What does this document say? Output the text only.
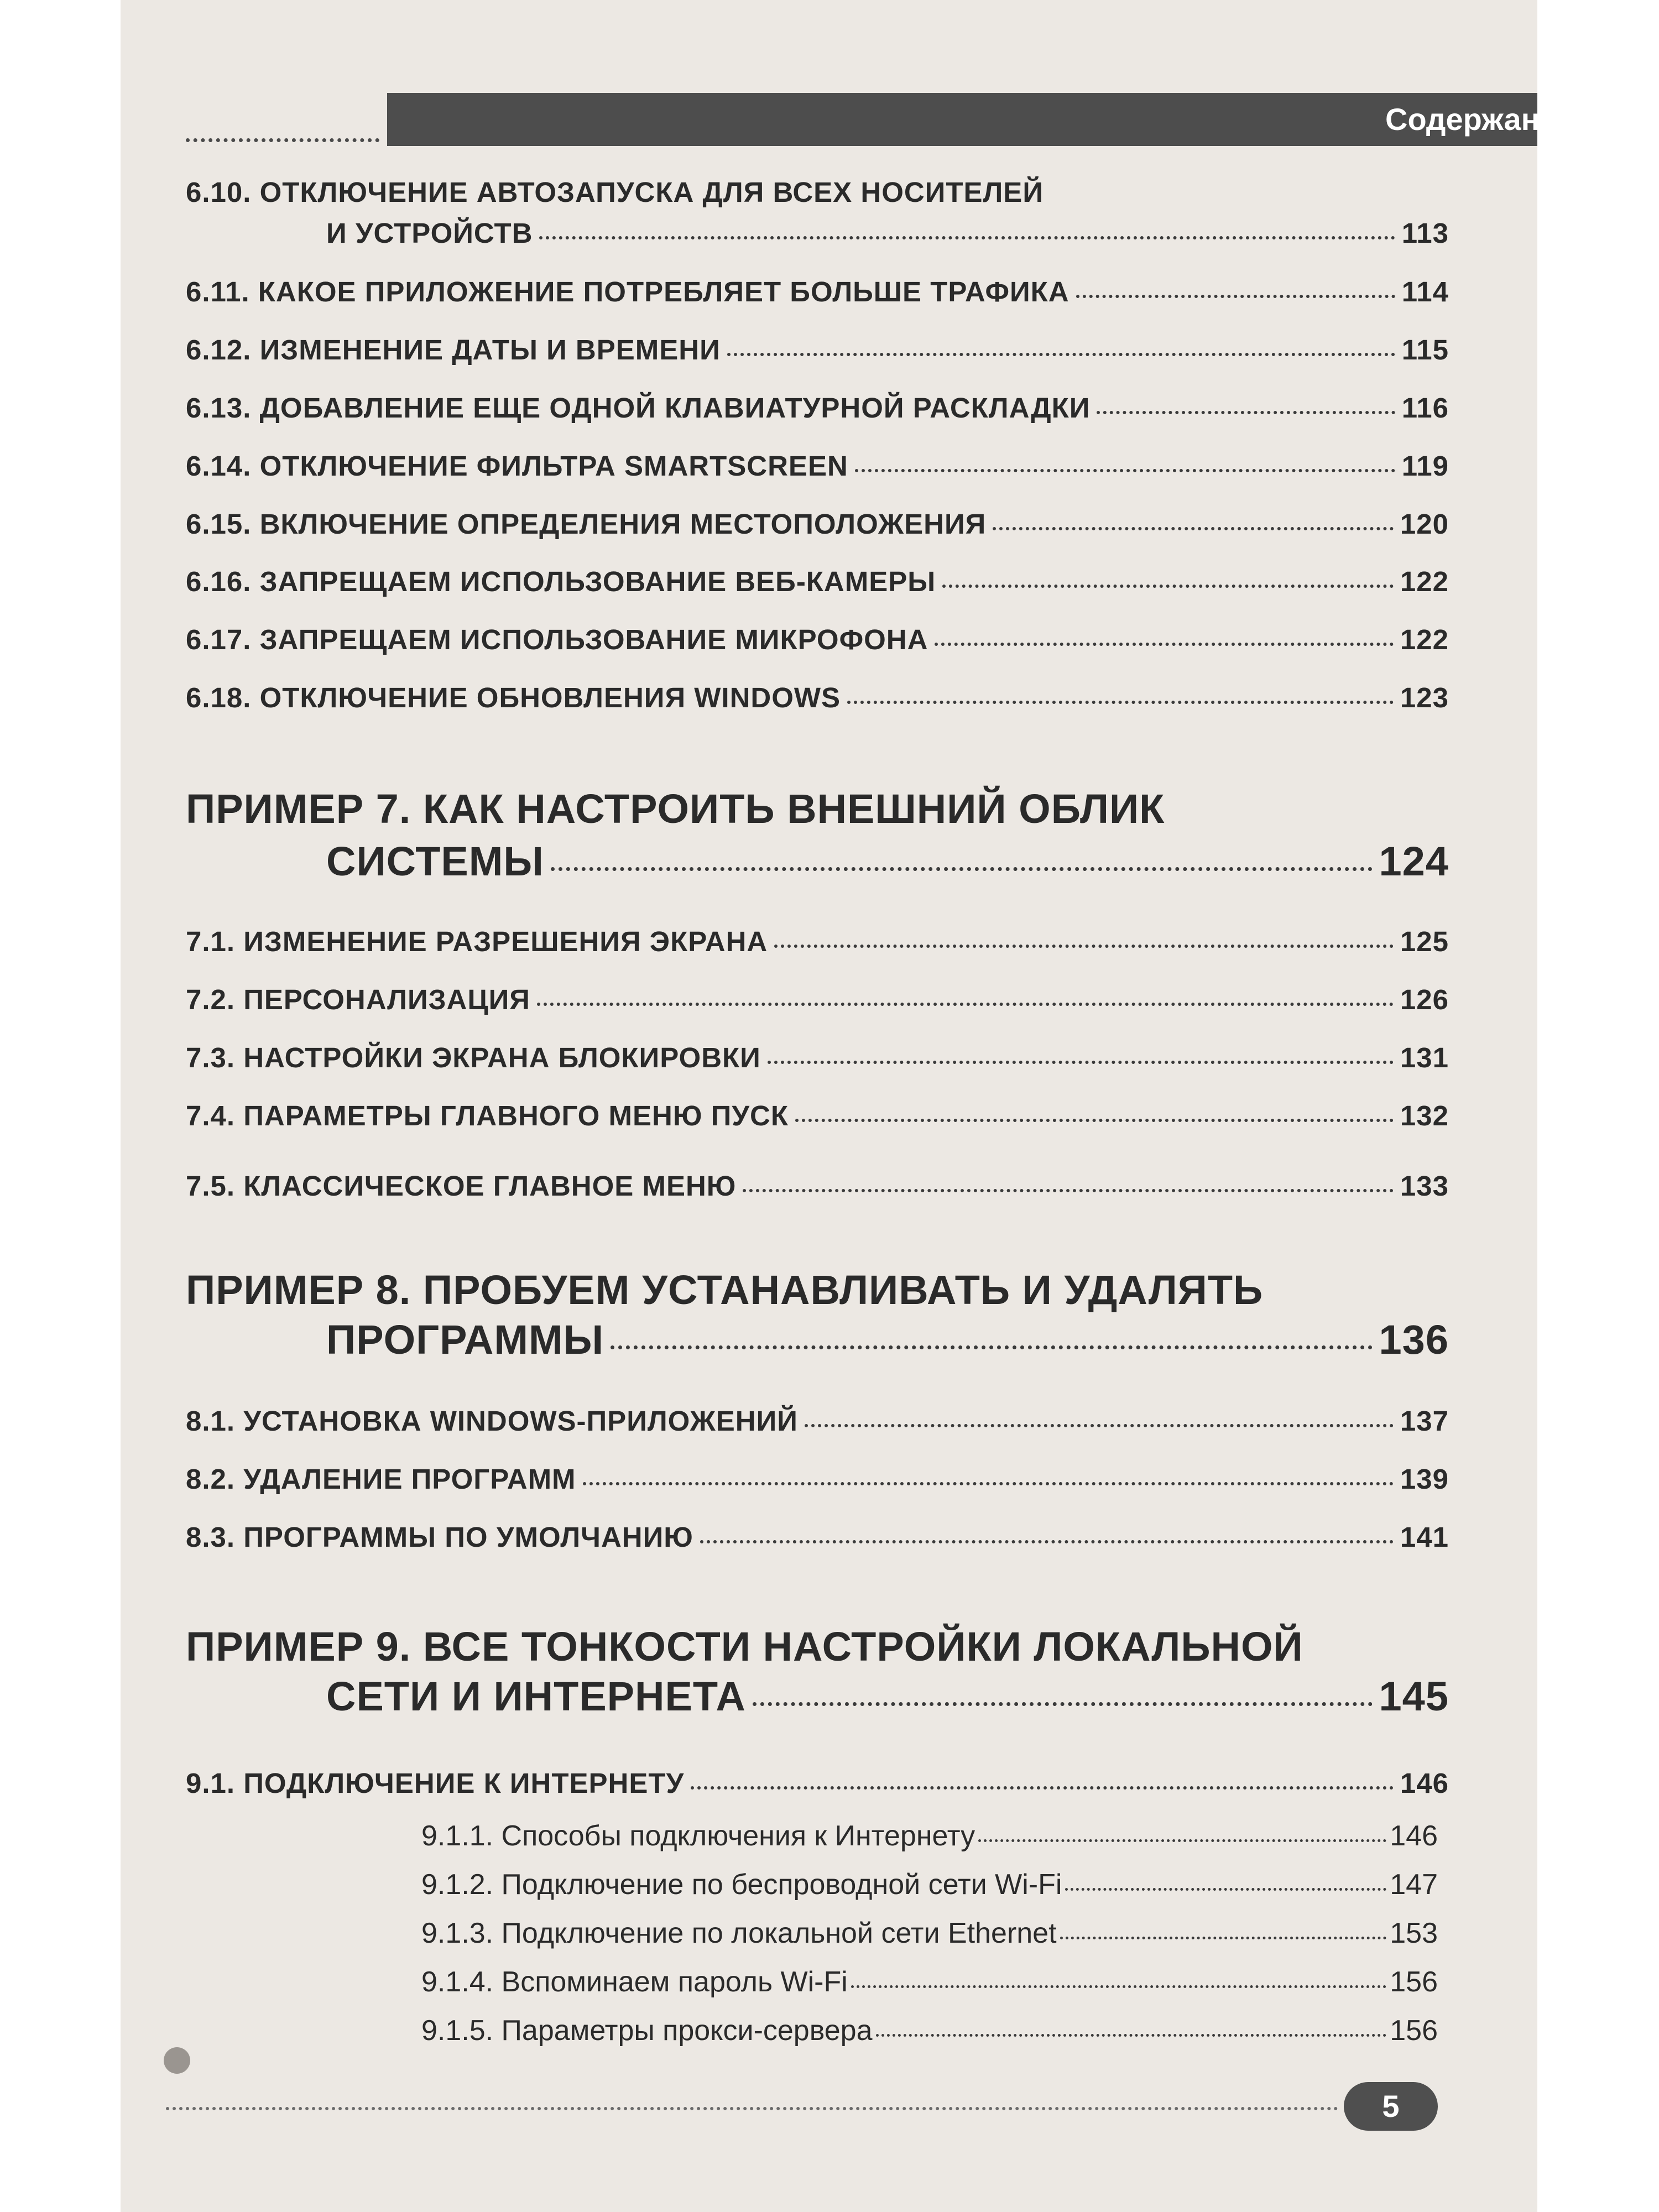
Содержание
6.10. ОТКЛЮЧЕНИЕ АВТОЗАПУСКА ДЛЯ ВСЕХ НОСИТЕЛЕЙ
И УСТРОЙСТВ	113
6.11. КАКОЕ ПРИЛОЖЕНИЕ ПОТРЕБЛЯЕТ БОЛЬШЕ ТРАФИКА	114
6.12. ИЗМЕНЕНИЕ ДАТЫ И ВРЕМЕНИ	115
6.13. ДОБАВЛЕНИЕ ЕЩЕ ОДНОЙ КЛАВИАТУРНОЙ РАСКЛАДКИ	116
6.14. ОТКЛЮЧЕНИЕ ФИЛЬТРА SMARTSCREEN	119
6.15. ВКЛЮЧЕНИЕ ОПРЕДЕЛЕНИЯ МЕСТОПОЛОЖЕНИЯ	120
6.16. ЗАПРЕЩАЕМ ИСПОЛЬЗОВАНИЕ ВЕБ-КАМЕРЫ	122
6.17. ЗАПРЕЩАЕМ ИСПОЛЬЗОВАНИЕ МИКРОФОНА	122
6.18. ОТКЛЮЧЕНИЕ ОБНОВЛЕНИЯ WINDOWS	123
ПРИМЕР 7. КАК НАСТРОИТЬ ВНЕШНИЙ ОБЛИК
СИСТЕМЫ	124
7.1. ИЗМЕНЕНИЕ РАЗРЕШЕНИЯ ЭКРАНА	125
7.2. ПЕРСОНАЛИЗАЦИЯ	126
7.3. НАСТРОЙКИ ЭКРАНА БЛОКИРОВКИ	131
7.4. ПАРАМЕТРЫ ГЛАВНОГО МЕНЮ ПУСК	132
7.5. КЛАССИЧЕСКОЕ ГЛАВНОЕ МЕНЮ	133
ПРИМЕР 8. ПРОБУЕМ УСТАНАВЛИВАТЬ И УДАЛЯТЬ
ПРОГРАММЫ	136
8.1. УСТАНОВКА WINDOWS-ПРИЛОЖЕНИЙ	137
8.2. УДАЛЕНИЕ ПРОГРАММ	139
8.3. ПРОГРАММЫ ПО УМОЛЧАНИЮ	141
ПРИМЕР 9. ВСЕ ТОНКОСТИ НАСТРОЙКИ ЛОКАЛЬНОЙ
СЕТИ И ИНТЕРНЕТА	145
9.1. ПОДКЛЮЧЕНИЕ К ИНТЕРНЕТУ	146
9.1.1. Способы подключения к Интернету	146
9.1.2. Подключение по беспроводной сети Wi-Fi	147
9.1.3. Подключение по локальной сети Ethernet	153
9.1.4. Вспоминаем пароль Wi-Fi	156
9.1.5. Параметры прокси-сервера	156
5
